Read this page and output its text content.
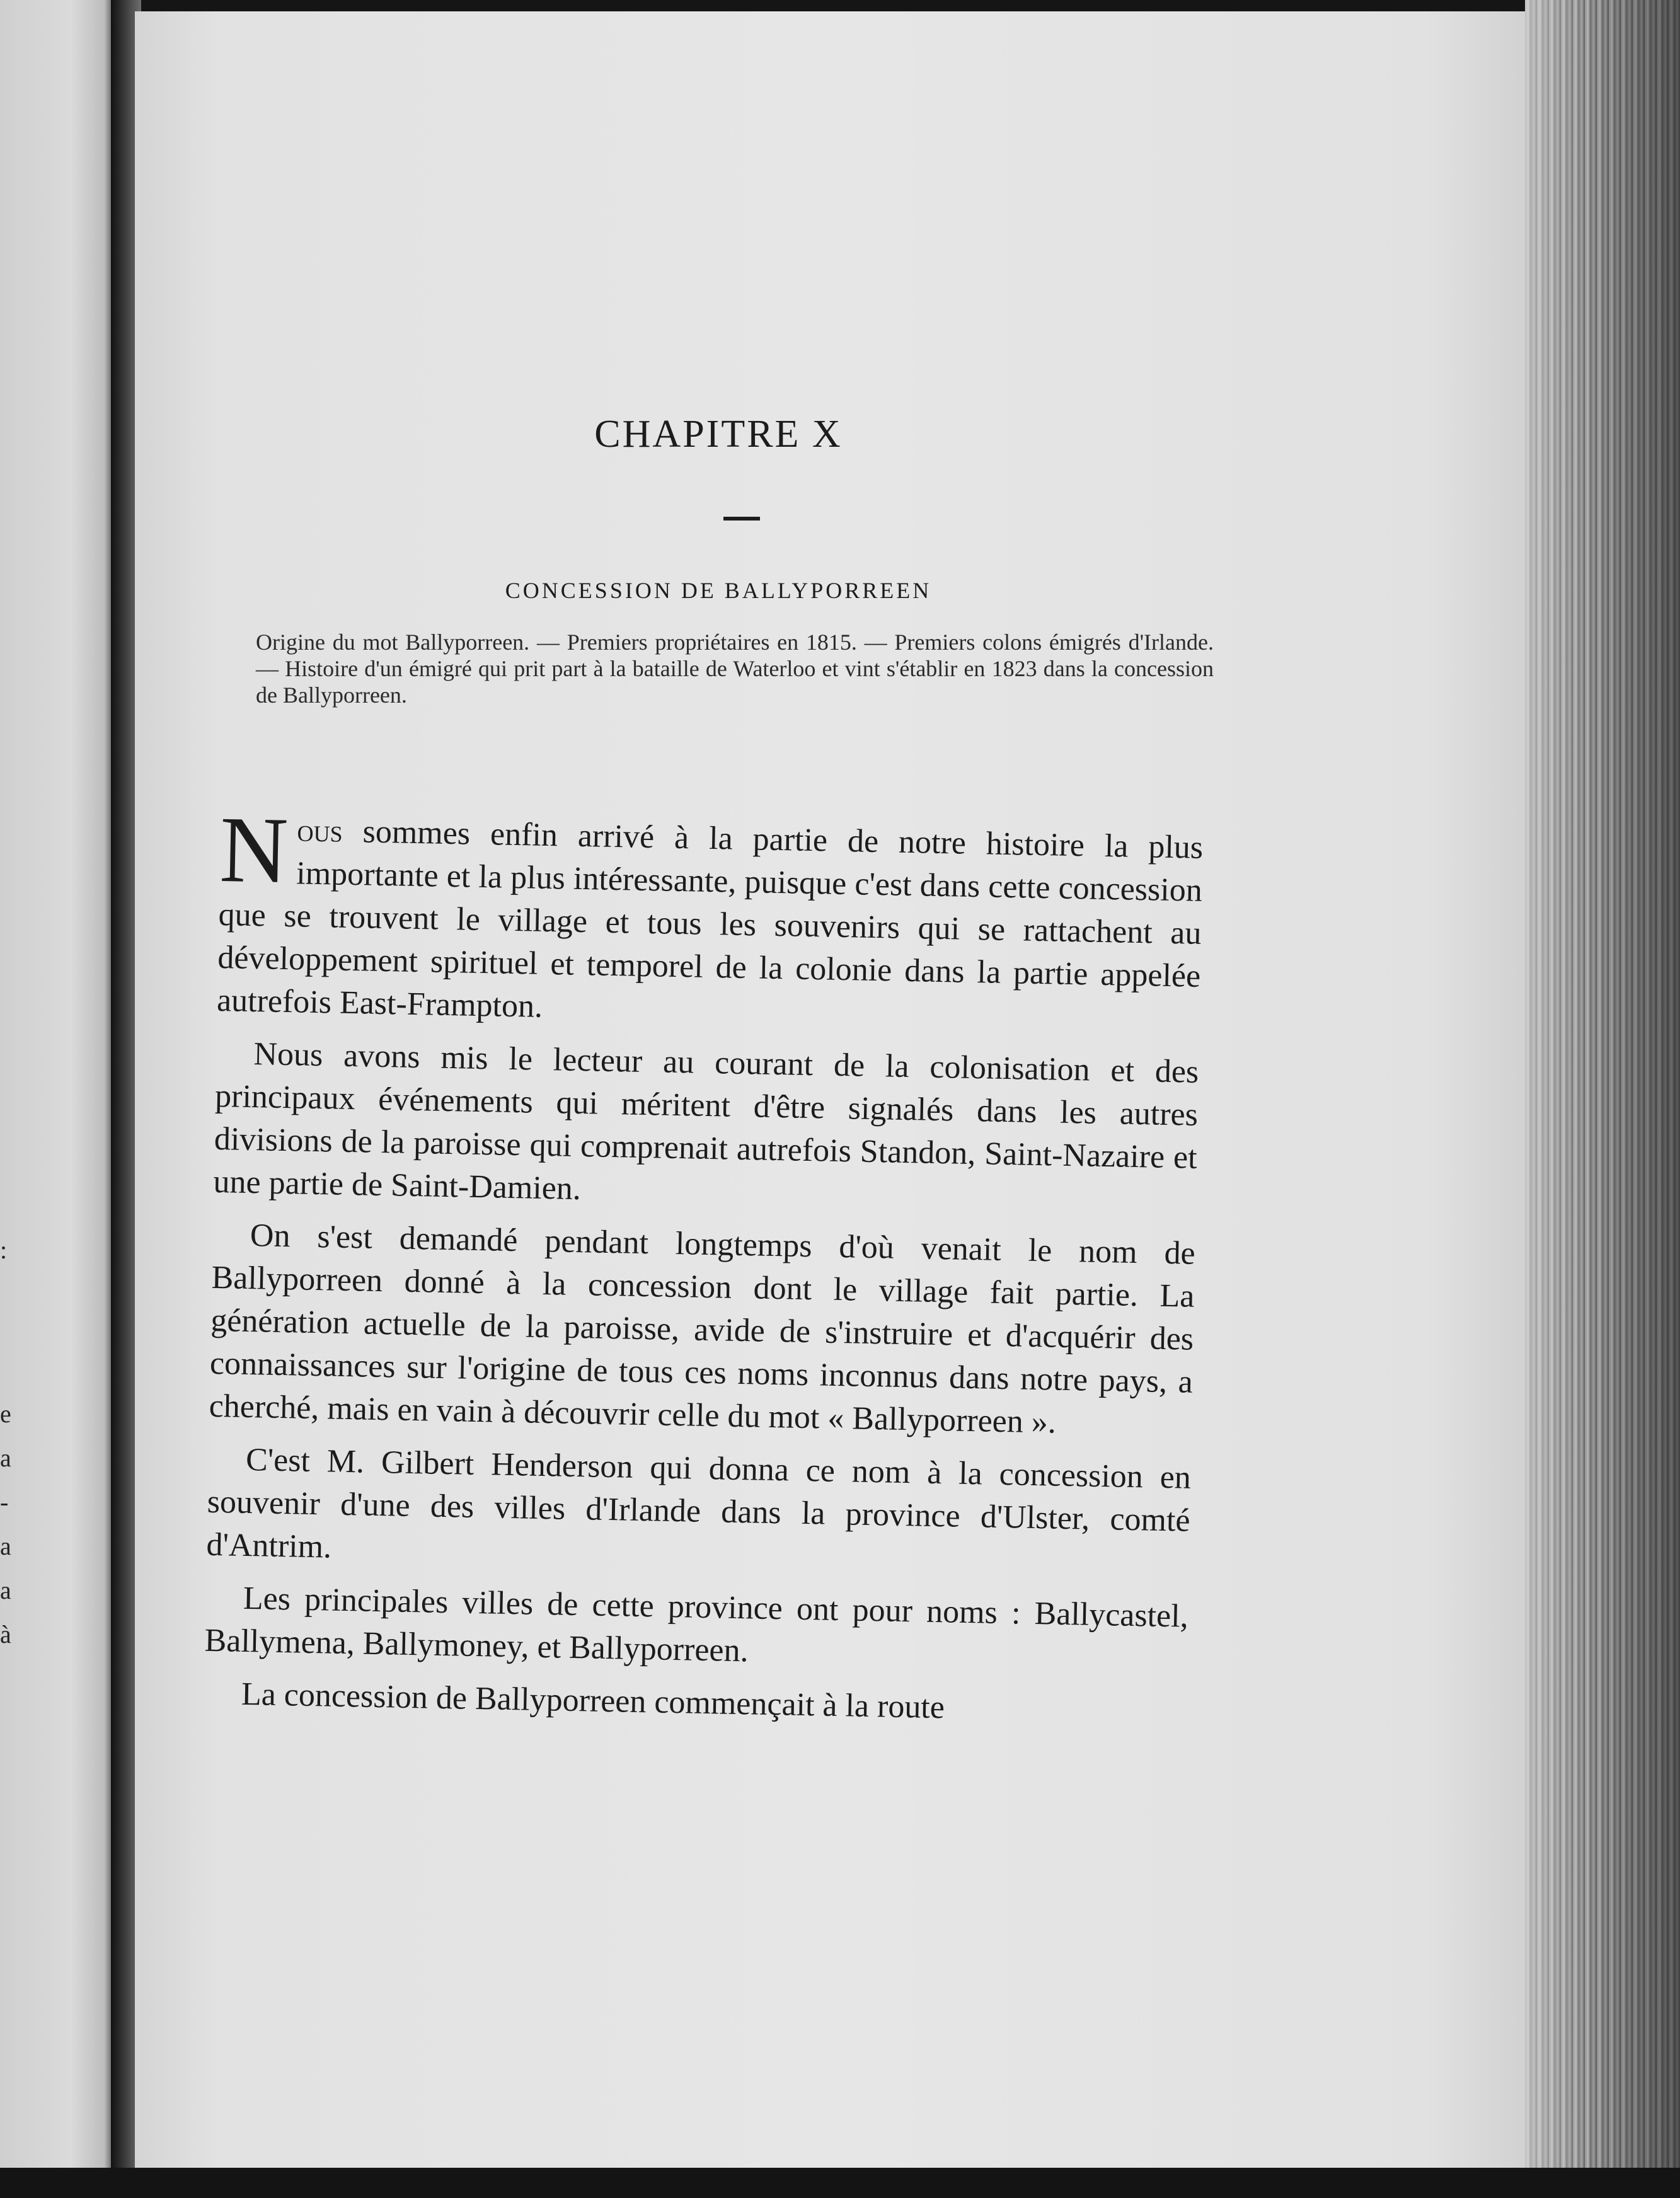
:
e
a
-
a
a
à
CHAPITRE X
CONCESSION DE BALLYPORREEN
Origine du mot Ballyporreen. — Premiers propriétaires en 1815. — Premiers colons émigrés d'Irlande. — Histoire d'un émigré qui prit part à la bataille de Waterloo et vint s'établir en 1823 dans la concession de Ballyporreen.

Nous sommes enfin arrivé à la partie de notre histoire la plus importante et la plus intéressante, puisque c'est dans cette concession que se trouvent le village et tous les souvenirs qui se rattachent au développement spirituel et temporel de la colonie dans la partie appelée autrefois East-Frampton.

Nous avons mis le lecteur au courant de la colonisation et des principaux événements qui méritent d'être signalés dans les autres divisions de la paroisse qui comprenait autrefois Standon, Saint-Nazaire et une partie de Saint-Damien.

On s'est demandé pendant longtemps d'où venait le nom de Ballyporreen donné à la concession dont le village fait partie. La génération actuelle de la paroisse, avide de s'instruire et d'acquérir des connaissances sur l'origine de tous ces noms inconnus dans notre pays, a cherché, mais en vain à découvrir celle du mot « Ballyporreen ».

C'est M. Gilbert Henderson qui donna ce nom à la concession en souvenir d'une des villes d'Irlande dans la province d'Ulster, comté d'Antrim.

Les principales villes de cette province ont pour noms : Ballycastel, Ballymena, Ballymoney, et Ballyporreen.

La concession de Ballyporreen commençait à la route
